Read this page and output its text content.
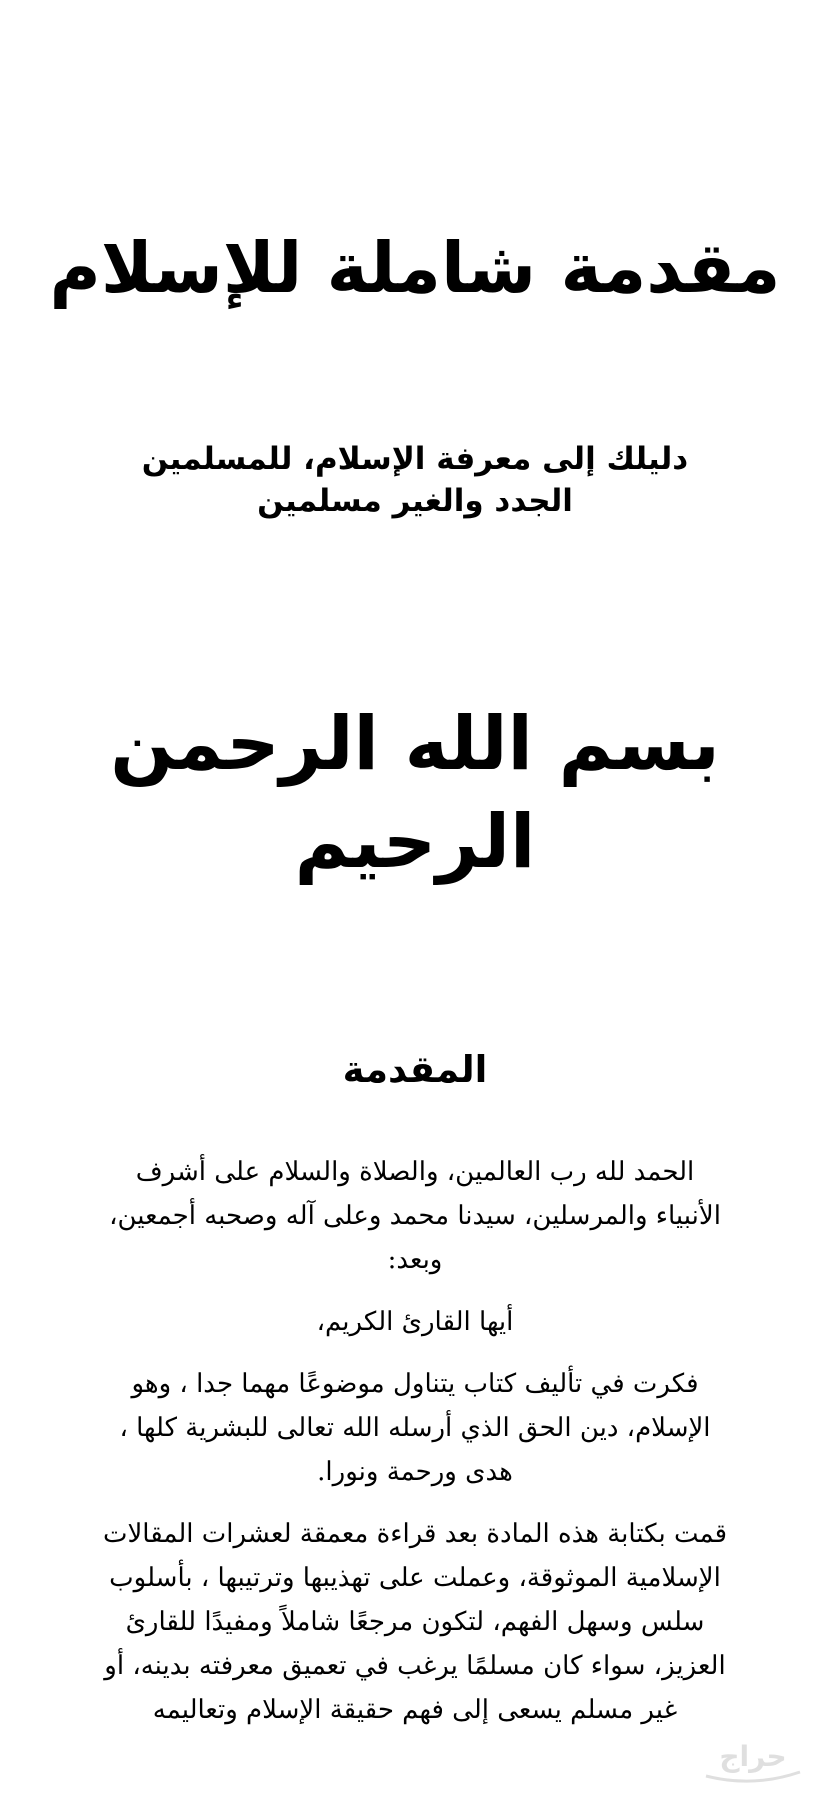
مقدمة شاملة للإسلام
دليلك إلى معرفة الإسلام، للمسلمين الجدد والغير مسلمين
بسم الله الرحمن الرحيم
المقدمة

الحمد لله رب العالمين، والصلاة والسلام على أشرف الأنبياء والمرسلين، سيدنا محمد وعلى آله وصحبه أجمعين، وبعد:

أيها القارئ الكريم،

فكرت في تأليف كتاب يتناول موضوعًا مهما جدا ، وهو الإسلام، دين الحق الذي أرسله الله تعالى للبشرية كلها ، هدى ورحمة ونورا.

قمت بكتابة هذه المادة بعد قراءة معمقة لعشرات المقالات الإسلامية الموثوقة، وعملت على تهذيبها وترتيبها ، بأسلوب سلس وسهل الفهم، لتكون مرجعًا شاملاً ومفيدًا للقارئ العزيز، سواء كان مسلمًا يرغب في تعميق معرفته بدينه، أو غير مسلم يسعى إلى فهم حقيقة الإسلام وتعاليمه

حراج
